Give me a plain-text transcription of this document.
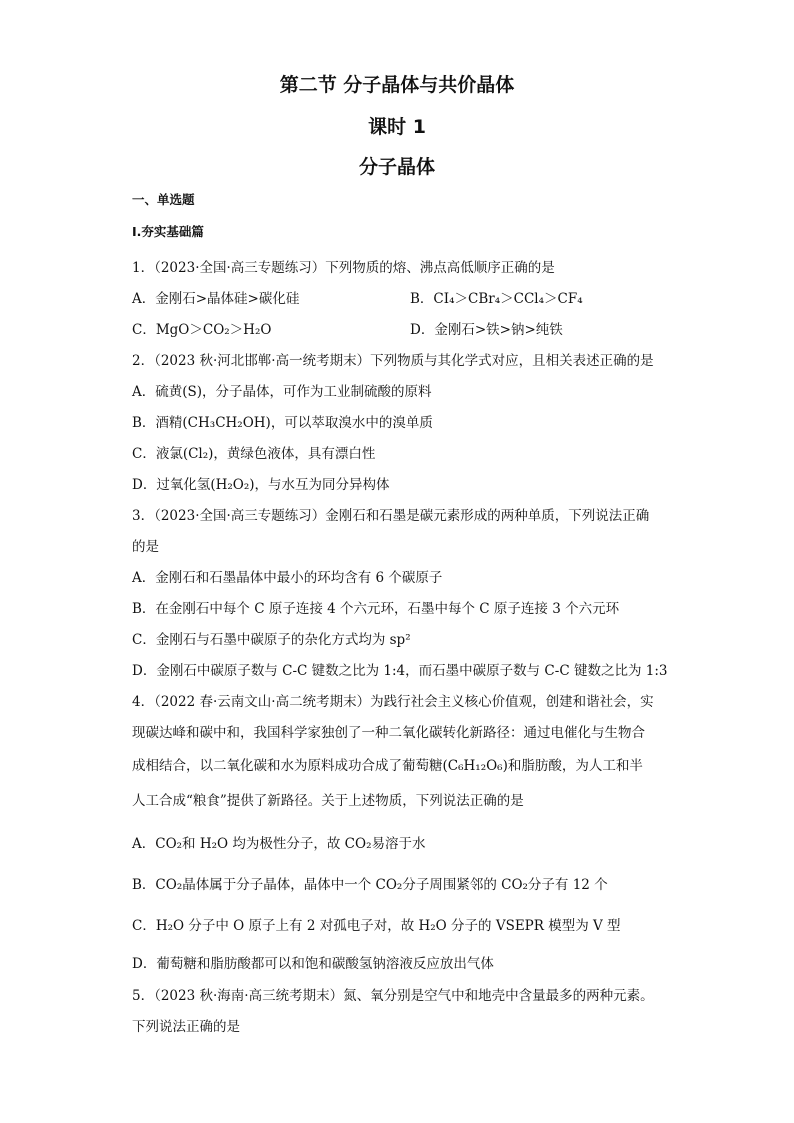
第二节 分子晶体与共价晶体
课时 1
分子晶体
一、单选题
Ⅰ.夯实基础篇
1．（2023·全国·高三专题练习）下列物质的熔、沸点高低顺序正确的是
A．金刚石>晶体硅>碳化硅	B．CI₄＞CBr₄＞CCl₄＞CF₄
C．MgO＞CO₂＞H₂O	D．金刚石>铁>钠>纯铁
2．（2023 秋·河北邯郸·高一统考期末）下列物质与其化学式对应，且相关表述正确的是
A．硫黄(S)，分子晶体，可作为工业制硫酸的原料
B．酒精(CH₃CH₂OH)，可以萃取溴水中的溴单质
C．液氯(Cl₂)，黄绿色液体，具有漂白性
D．过氧化氢(H₂O₂)，与水互为同分异构体
3．（2023·全国·高三专题练习）金刚石和石墨是碳元素形成的两种单质，下列说法正确
的是
A．金刚石和石墨晶体中最小的环均含有 6 个碳原子
B．在金刚石中每个 C 原子连接 4 个六元环，石墨中每个 C 原子连接 3 个六元环
C．金刚石与石墨中碳原子的杂化方式均为 sp²
D．金刚石中碳原子数与 C-C 键数之比为 1:4，而石墨中碳原子数与 C-C 键数之比为 1:3
4．（2022 春·云南文山·高二统考期末）为践行社会主义核心价值观，创建和谐社会，实
现碳达峰和碳中和，我国科学家独创了一种二氧化碳转化新路径：通过电催化与生物合
成相结合，以二氧化碳和水为原料成功合成了葡萄糖(C₆H₁₂O₆)和脂肪酸，为人工和半
人工合成“粮食”提供了新路径。关于上述物质，下列说法正确的是
A．CO₂和 H₂O 均为极性分子，故 CO₂易溶于水
B．CO₂晶体属于分子晶体，晶体中一个 CO₂分子周围紧邻的 CO₂分子有 12 个
C．H₂O 分子中 O 原子上有 2 对孤电子对，故 H₂O 分子的 VSEPR 模型为 V 型
D．葡萄糖和脂肪酸都可以和饱和碳酸氢钠溶液反应放出气体
5．（2023 秋·海南·高三统考期末）氮、氧分别是空气中和地壳中含量最多的两种元素。
下列说法正确的是
